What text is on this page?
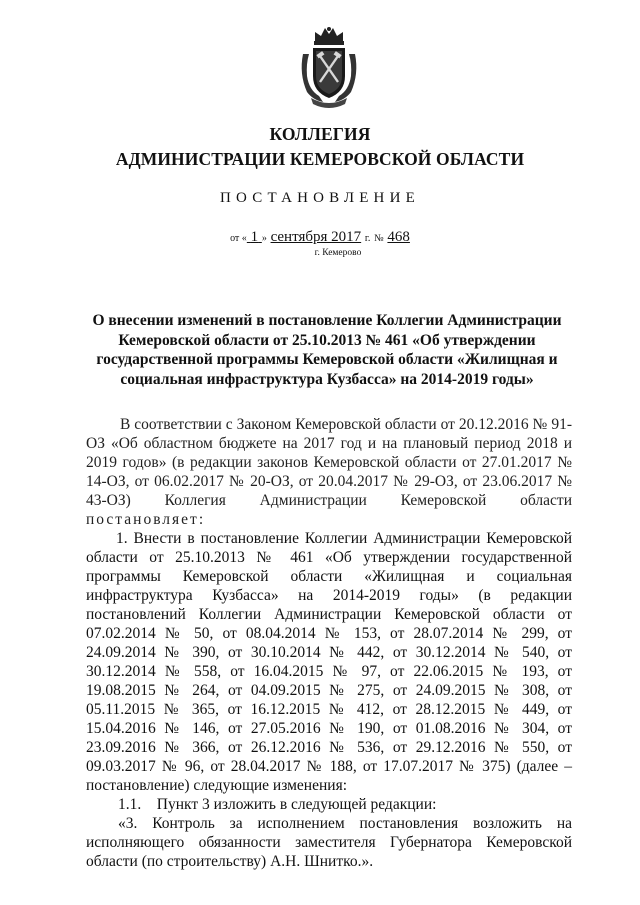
КОЛЛЕГИЯ
АДМИНИСТРАЦИИ КЕМЕРОВСКОЙ ОБЛАСТИ
ПОСТАНОВЛЕНИЕ
от « 1 » сентября 2017 г. № 468
г. Кемерово
О внесении изменений в постановление Коллегии Администрации Кемеровской области от 25.10.2013 № 461 «Об утверждении государственной программы Кемеровской области «Жилищная и социальная инфраструктура Кузбасса» на 2014-2019 годы»

В соответствии с Законом Кемеровской области от 20.12.2016 № 91-ОЗ «Об областном бюджете на 2017 год и на плановый период 2018 и 2019 годов» (в редакции законов Кемеровской области от 27.01.2017 № 14-ОЗ, от 06.02.2017 № 20-ОЗ, от 20.04.2017 № 29-ОЗ, от 23.06.2017 № 43-ОЗ) Коллегия Администрации Кемеровской области постановляет:

1. Внести в постановление Коллегии Администрации Кемеровской области от 25.10.2013 № 461 «Об утверждении государственной программы Кемеровской области «Жилищная и социальная инфраструктура Кузбасса» на 2014-2019 годы» (в редакции постановлений Коллегии Администрации Кемеровской области от 07.02.2014 № 50, от 08.04.2014 № 153, от 28.07.2014 № 299, от 24.09.2014 № 390, от 30.10.2014 № 442, от 30.12.2014 № 540, от 30.12.2014 № 558, от 16.04.2015 № 97, от 22.06.2015 № 193, от 19.08.2015 № 264, от 04.09.2015 № 275, от 24.09.2015 № 308, от 05.11.2015 № 365, от 16.12.2015 № 412, от 28.12.2015 № 449, от 15.04.2016 № 146, от 27.05.2016 № 190, от 01.08.2016 № 304, от 23.09.2016 № 366, от 26.12.2016 № 536, от 29.12.2016 № 550, от 09.03.2017 № 96, от 28.04.2017 № 188, от 17.07.2017 № 375) (далее – постановление) следующие изменения:

1.1.    Пункт 3 изложить в следующей редакции:

«3. Контроль за исполнением постановления возложить на исполняющего обязанности заместителя Губернатора Кемеровской области (по строительству) А.Н. Шнитко.».
